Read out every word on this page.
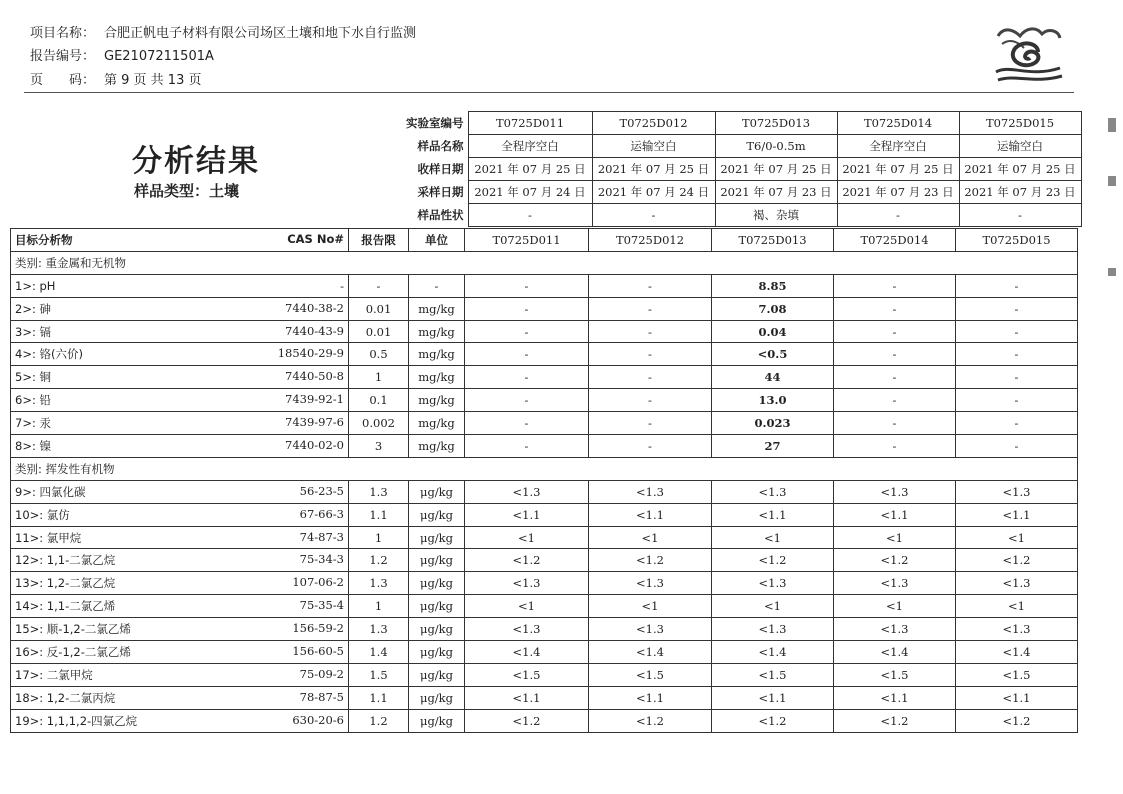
项目名称： 合肥正帆电子材料有限公司场区土壤和地下水自行监测
报告编号： GE2107211501A
页　　码： 第 9 页 共 13 页
分析结果
样品类型：土壤
实验室编号	T0725D011	T0725D012	T0725D013	T0725D014	T0725D015
样品名称	全程序空白	运输空白	T6/0-0.5m	全程序空白	运输空白
收样日期	2021 年 07 月 25 日	2021 年 07 月 25 日	2021 年 07 月 25 日	2021 年 07 月 25 日	2021 年 07 月 25 日
采样日期	2021 年 07 月 24 日	2021 年 07 月 24 日	2021 年 07 月 23 日	2021 年 07 月 23 日	2021 年 07 月 23 日
样品性状	-	-	褐、杂填	-	-
目标分析物 CAS No#	报告限	单位	T0725D011	T0725D012	T0725D013	T0725D014	T0725D015
类别: 重金属和无机物							
1>: pH -	-	-	-	-	8.85	-	-
2>: 砷 7440-38-2	0.01	mg/kg	-	-	7.08	-	-
3>: 镉 7440-43-9	0.01	mg/kg	-	-	0.04	-	-
4>: 铬(六价) 18540-29-9	0.5	mg/kg	-	-	<0.5	-	-
5>: 铜 7440-50-8	1	mg/kg	-	-	44	-	-
6>: 铅 7439-92-1	0.1	mg/kg	-	-	13.0	-	-
7>: 汞 7439-97-6	0.002	mg/kg	-	-	0.023	-	-
8>: 镍 7440-02-0	3	mg/kg	-	-	27	-	-
类别: 挥发性有机物							
9>: 四氯化碳 56-23-5	1.3	μg/kg	<1.3	<1.3	<1.3	<1.3	<1.3
10>: 氯仿 67-66-3	1.1	μg/kg	<1.1	<1.1	<1.1	<1.1	<1.1
11>: 氯甲烷 74-87-3	1	μg/kg	<1	<1	<1	<1	<1
12>: 1,1-二氯乙烷 75-34-3	1.2	μg/kg	<1.2	<1.2	<1.2	<1.2	<1.2
13>: 1,2-二氯乙烷 107-06-2	1.3	μg/kg	<1.3	<1.3	<1.3	<1.3	<1.3
14>: 1,1-二氯乙烯 75-35-4	1	μg/kg	<1	<1	<1	<1	<1
15>: 顺-1,2-二氯乙烯 156-59-2	1.3	μg/kg	<1.3	<1.3	<1.3	<1.3	<1.3
16>: 反-1,2-二氯乙烯 156-60-5	1.4	μg/kg	<1.4	<1.4	<1.4	<1.4	<1.4
17>: 二氯甲烷 75-09-2	1.5	μg/kg	<1.5	<1.5	<1.5	<1.5	<1.5
18>: 1,2-二氯丙烷 78-87-5	1.1	μg/kg	<1.1	<1.1	<1.1	<1.1	<1.1
19>: 1,1,1,2-四氯乙烷 630-20-6	1.2	μg/kg	<1.2	<1.2	<1.2	<1.2	<1.2
